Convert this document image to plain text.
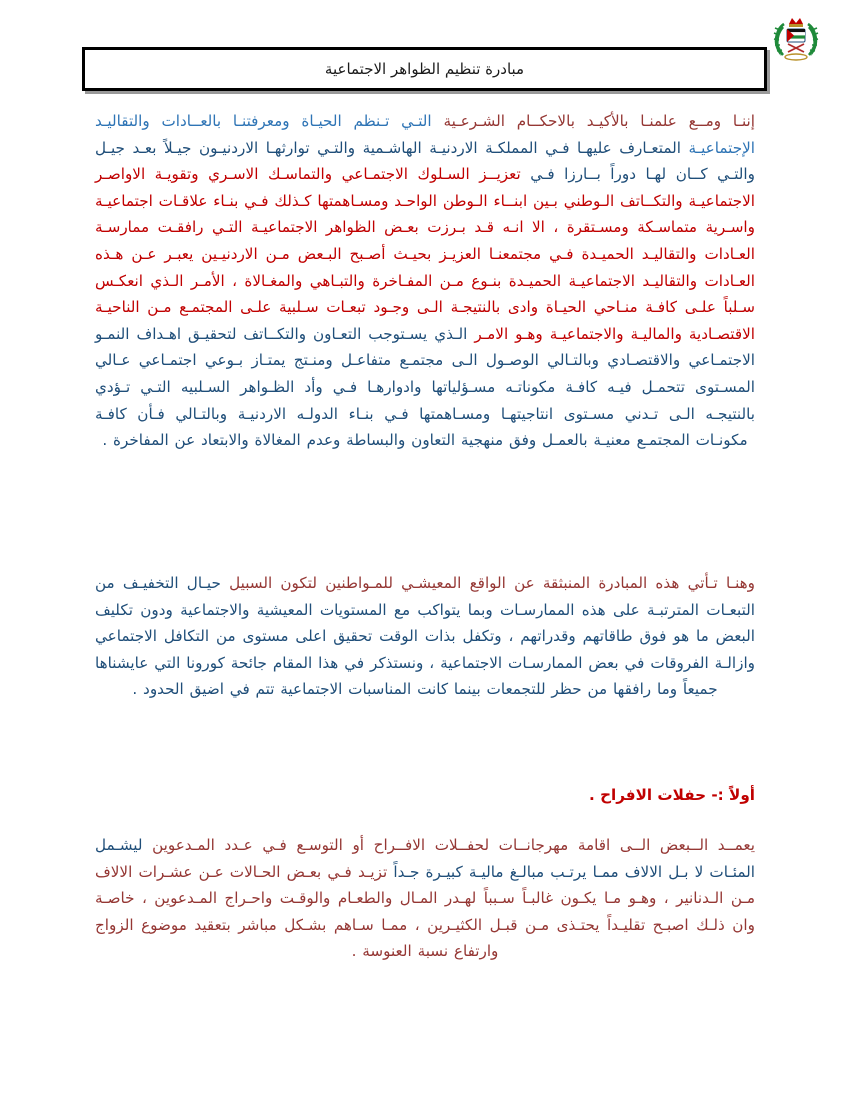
مبادرة تنظيم الظواهر الاجتماعية

إننـا ومــع علمنـا بالأكيـد بالاحكــام الشـرعـية التـي تـنظم الحيـاة ومعرفتنـا بالعــادات والتقاليـد الإجتماعيـة المتعـارف عليهـا فـي المملكـة الاردنيـة الهاشـمية والتـي توارثهـا الاردنيـون جيـلاً بعـد جيـل والتـي كــان لهـا دوراً بــارزا فـي تعزيــز السـلوك الاجتمـاعي والتماسـك الاسـري وتقويـة الاواصـر الاجتماعيـة والتكــاتف الـوطني بـين ابنــاء الـوطن الواحـد ومسـاهمتها كـذلك فـي بنـاء علاقـات اجتماعيـة واسـرية متماسـكة ومسـتقرة ، الا انـه قـد بـرزت بعـض الظواهر الاجتماعيـة التـي رافقـت ممارسـة العـادات والتقاليـد الحميـدة فـي مجتمعنـا العزيـز بحيـث أصـبح البـعض مـن الاردنيـين يعبـر عـن هـذه العـادات والتقاليـد الاجتماعيـة الحميـدة بنـوع مـن المفـاخرة والتبـاهي والمغـالاة ، الأمـر الـذي انعكـس سـلباً علـى كافـة منـاحي الحيـاة وادى بالنتيجـة الـى وجـود تبعـات سـلبية علـى المجتمـع مـن الناحيـة الاقتصـادية والماليـة والاجتماعيـة وهـو الامـر الـذي يسـتوجب التعـاون والتكــاتف لتحقيـق اهـداف النمـو الاجتمـاعي والاقتصـادي وبالتـالي الوصـول الـى مجتمـع متفاعـل ومنـتج يمتـاز بـوعي اجتمـاعي عـالي المسـتوى تتحمـل فيـه كافـة مكوناتـه مسـؤلياتها وادوارهـا فـي وأد الظـواهر السـلبيه التـي تـؤدي بالنتيجـه الـى تـدني مسـتوى انتاجيتهـا ومسـاهمتها فـي بنـاء الدولـه الاردنيـة وبالتـالي فـأن كافـة مكونـات المجتمـع معنيـة بالعمـل وفق منهجية التعاون والبساطة وعدم المغالاة والابتعاد عن المفاخرة .

وهنـا تـأتي هذه المبادرة المنبثقة عن الواقع المعيشـي للمـواطنين لتكون السبيل حيـال التخفيـف من التبعـات المترتبـة على هذه الممارسـات وبما يتواكب مع المستويات المعيشية والاجتماعية ودون تكليف البعض ما هو فوق طاقاتهم وقدراتهم ، وتكفل بذات الوقت تحقيق اعلى مستوى من التكافل الاجتماعي وازالـة الفروقات في بعض الممارسـات الاجتماعية ، ونستذكر في هذا المقام جائحة كورونا التي عايشناها جميعاً وما رافقها من حظر للتجمعات بينما كانت المناسبات الاجتماعية تتم في اضيق الحدود .

أولاً :- حفلات الافراح .

يعمــد الــبعض الــى اقامة مهرجانــات لحفــلات الافــراح أو التوسـع فـي عـدد المـدعوين ليشـمل المئـات لا بـل الالاف ممـا يرتـب مبالـغ ماليـة كبيـرة جـداً تزيـد فـي بعـض الحـالات عـن عشـرات الالاف مـن الـدنانير ، وهـو مـا يكـون غالبـاً سـبباً لهـدر المـال والطعـام والوقـت واحـراج المـدعوين ، خاصـة وان ذلـك اصبـح تقليـداً يحتـذى مـن قبـل الكثيـرين ، ممـا سـاهم بشـكل مباشر بتعقيد موضوع الزواج وارتفاع نسبة العنوسة .
